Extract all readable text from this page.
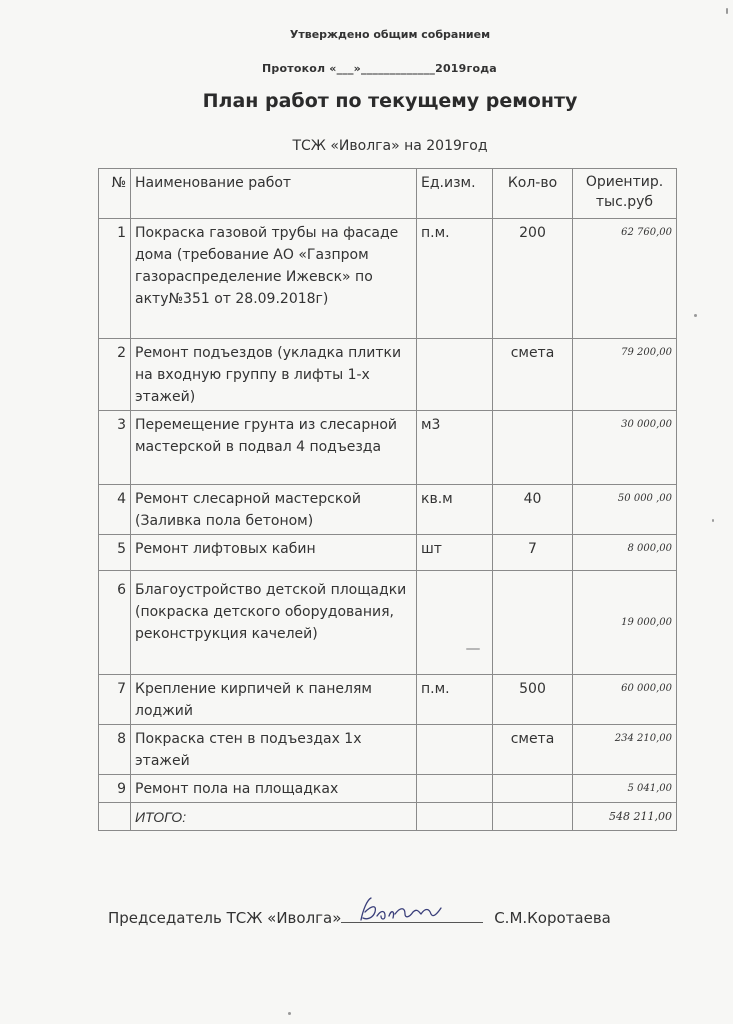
Утверждено общим собранием
Протокол «___»_____________2019года
План работ по текущему ремонту
ТСЖ «Иволга» на 2019год
№	Наименование работ	Ед.изм.	Кол-во	Ориентир. тыс.руб
1	Покраска газовой трубы на фасаде дома (требование АО «Газпром газораспределение Ижевск» по акту№351 от 28.09.2018г)	п.м.	200	62 760,00
2	Ремонт подъездов (укладка плитки на входную группу в лифты 1-х этажей)		смета	79 200,00
3	Перемещение грунта из слесарной мастерской в подвал 4 подъезда	м3		30 000,00
4	Ремонт слесарной мастерской (Заливка пола бетоном)	кв.м	40	50 000 ,00
5	Ремонт лифтовых кабин	шт	7	8 000,00
6	Благоустройство детской площадки (покраска детского оборудования, реконструкция качелей)			19 000,00
7	Крепление кирпичей к панелям лоджий	п.м.	500	60 000,00
8	Покраска стен в подъездах 1х этажей		смета	234 210,00
9	Ремонт пола на площадках			5 041,00
	ИТОГО:			548 211,00
Председатель ТСЖ «Иволга»	С.М.Коротаева
